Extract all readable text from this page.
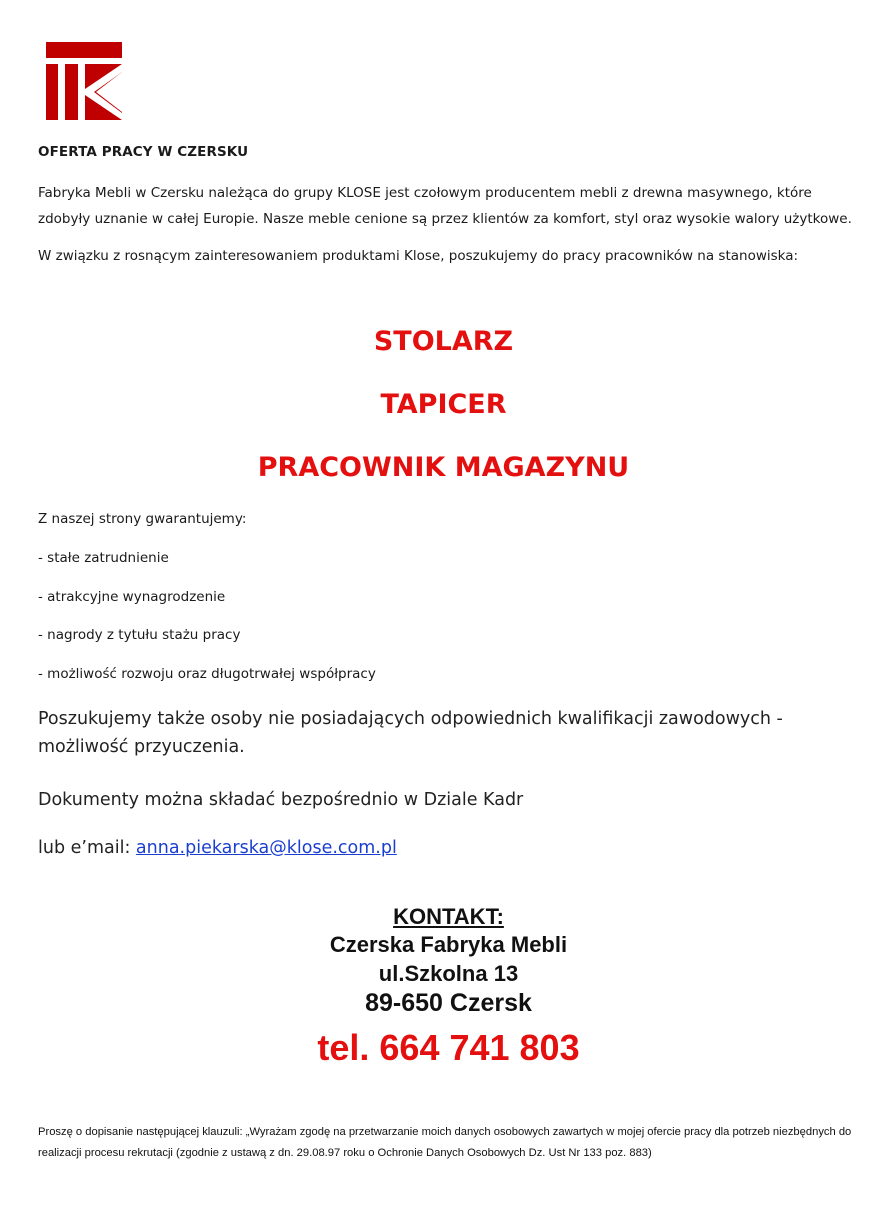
OFERTA PRACY W CZERSKU
Fabryka Mebli w Czersku należąca do grupy KLOSE jest czołowym producentem mebli z drewna masywnego, które zdobyły uznanie w całej Europie. Nasze meble cenione są przez klientów za komfort, styl oraz wysokie walory użytkowe.
W związku z rosnącym zainteresowaniem produktami Klose, poszukujemy do pracy pracowników na stanowiska:
STOLARZ
TAPICER
PRACOWNIK MAGAZYNU
Z naszej strony gwarantujemy:
- stałe zatrudnienie
- atrakcyjne wynagrodzenie
- nagrody z tytułu stażu pracy
- możliwość rozwoju oraz długotrwałej współpracy
Poszukujemy także osoby nie posiadających odpowiednich kwalifikacji zawodowych - możliwość przyuczenia.
Dokumenty można składać bezpośrednio w Dziale Kadr
lub e’mail: anna.piekarska@klose.com.pl
KONTAKT:
Czerska Fabryka Mebli
ul.Szkolna 13
89-650 Czersk
tel. 664 741 803
Proszę o dopisanie następującej klauzuli: „Wyrażam zgodę na przetwarzanie moich danych osobowych zawartych w mojej ofercie pracy dla potrzeb niezbędnych do realizacji procesu rekrutacji (zgodnie z ustawą z dn. 29.08.97 roku o Ochronie Danych Osobowych Dz. Ust Nr 133 poz. 883)
